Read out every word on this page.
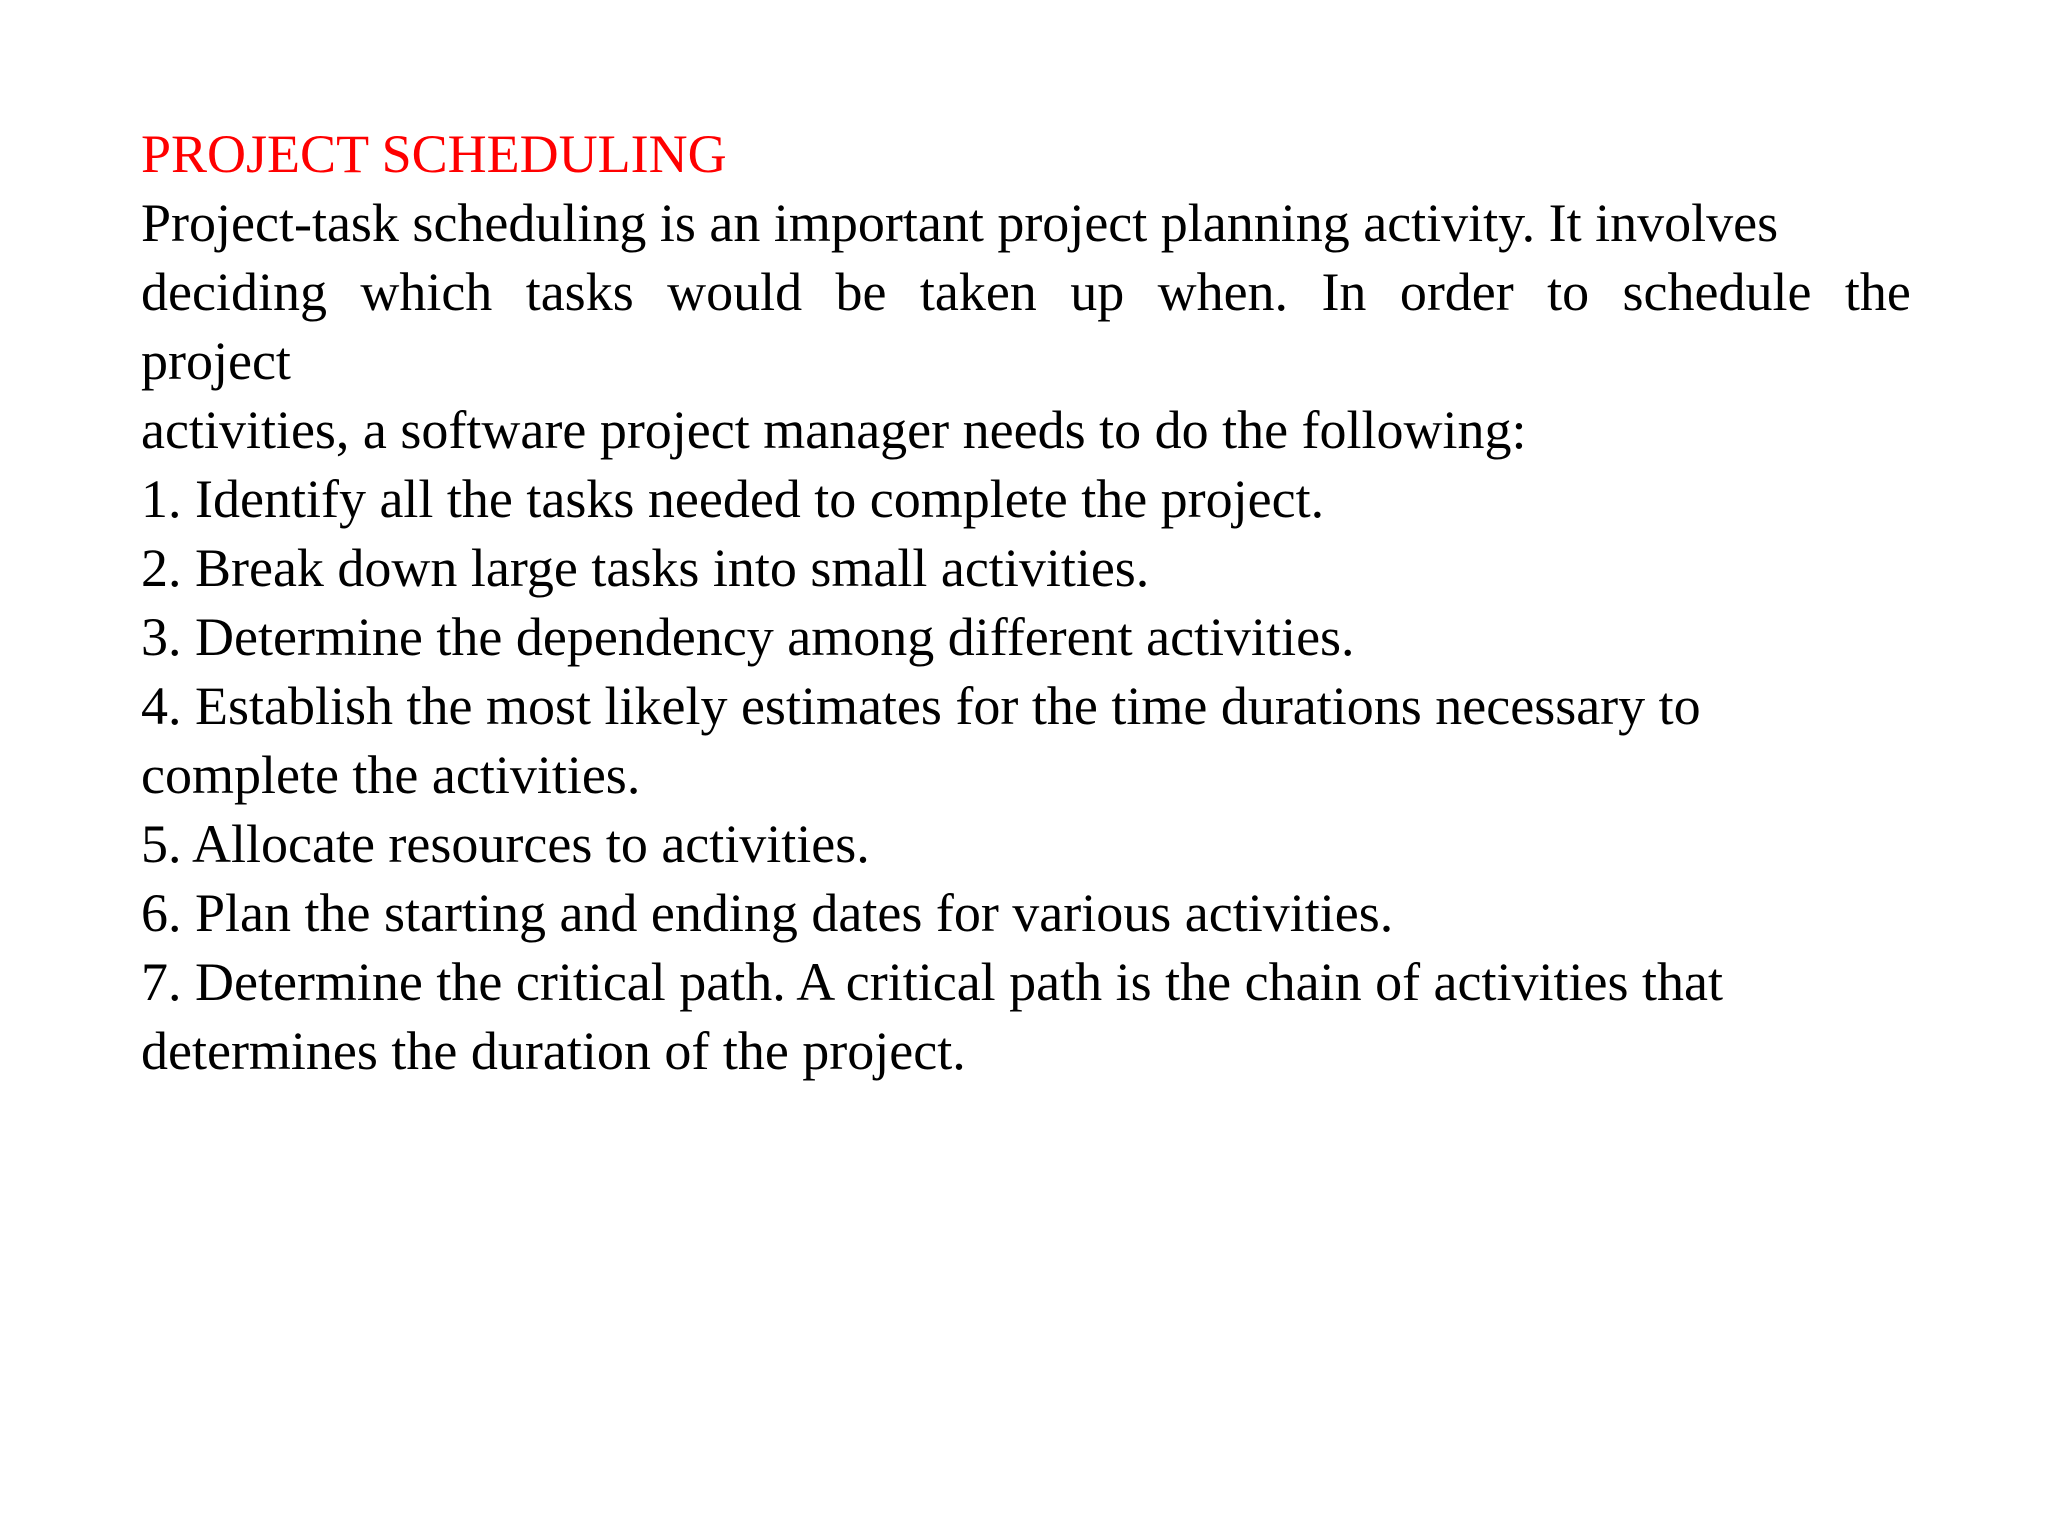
PROJECT SCHEDULING

Project-task scheduling is an important project planning activity. It involves

deciding which tasks would be taken up when. In order to schedule the

project

activities, a software project manager needs to do the following:

1. Identify all the tasks needed to complete the project.

2. Break down large tasks into small activities.

3. Determine the dependency among different activities.

4. Establish the most likely estimates for the time durations necessary to

complete the activities.

5. Allocate resources to activities.

6. Plan the starting and ending dates for various activities.

7. Determine the critical path. A critical path is the chain of activities that

determines the duration of the project.
